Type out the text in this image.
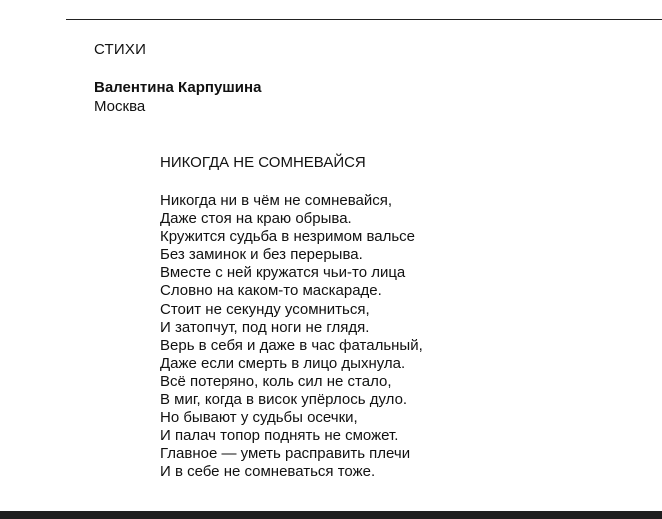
СТИХИ
Валентина Карпушина
Москва
НИКОГДА НЕ СОМНЕВАЙСЯ
Никогда ни в чём не сомневайся,
Даже стоя на краю обрыва.
Кружится судьба в незримом вальсе
Без заминок и без перерыва.
Вместе с ней кружатся чьи-то лица
Словно на каком-то маскараде.
Стоит не секунду усомниться,
И затопчут, под ноги не глядя.
Верь в себя и даже в час фатальный,
Даже если смерть в лицо дыхнула.
Всё потеряно, коль сил не стало,
В миг, когда в висок упёрлось дуло.
Но бывают у судьбы осечки,
И палач топор поднять не сможет.
Главное — уметь расправить плечи
И в себе не сомневаться тоже.
